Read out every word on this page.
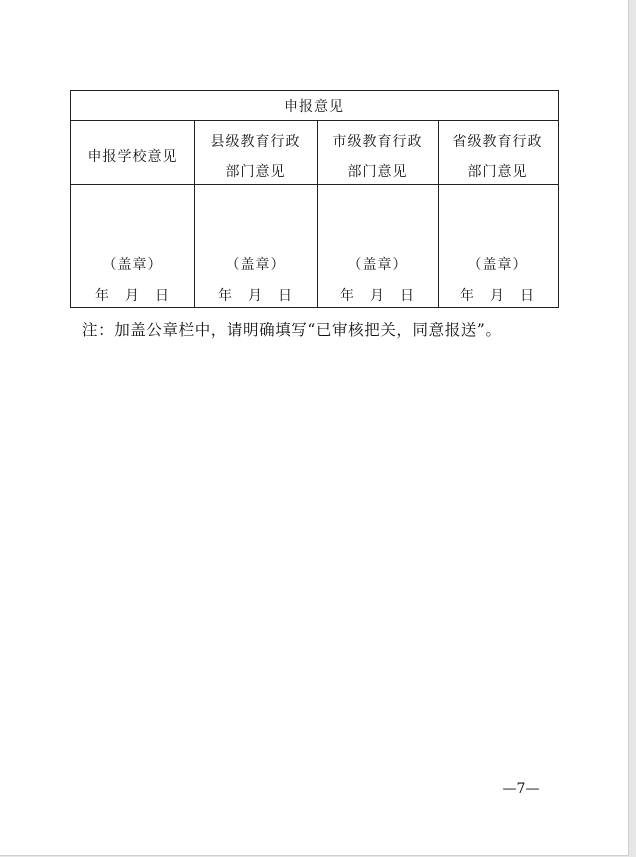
申报意见
申报学校意见
（盖章）
年　月　日
县级教育行政
部门意见
（盖章）
年　月　日
市级教育行政
部门意见
（盖章）
年　月　日
省级教育行政
部门意见
（盖章）
年　月　日
注：加盖公章栏中，请明确填写“已审核把关，同意报送”。
—7—
